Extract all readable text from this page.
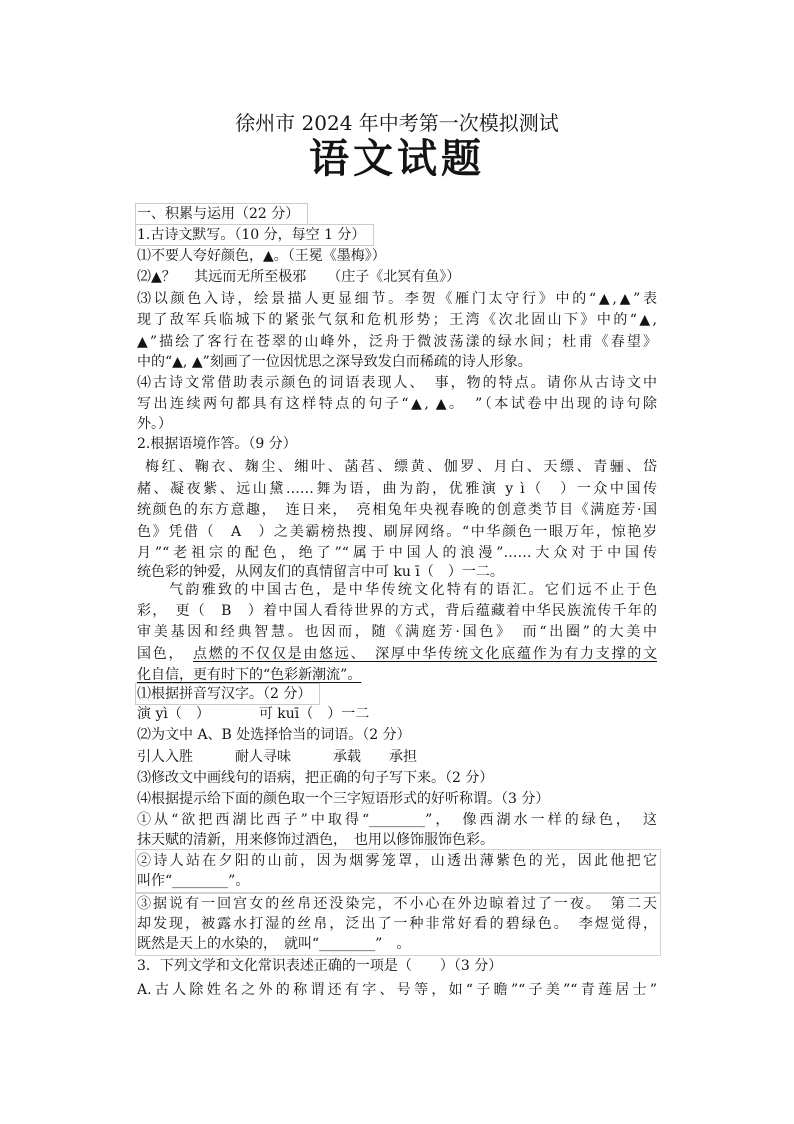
徐州市 2024 年中考第一次模拟测试
语文试题
一、积累与运用（22 分）
1.古诗文默写。（10 分，每空 1 分）
⑴不要人夸好颜色，▲。（王冕《墨梅》）
⑵▲？　 其远而无所至极邪　　（庄子《北冥有鱼》）
⑶以颜色入诗，绘景描人更显细节。李贺《雁门太守行》中的“▲,▲”表
现了敌军兵临城下的紧张气氛和危机形势；王湾《次北固山下》中的“▲,
▲”描绘了客行在苍翠的山峰外，泛舟于微波荡漾的绿水间；杜甫《春望》
中的“▲, ▲”刻画了一位因忧思之深导致发白而稀疏的诗人形象。
⑷古诗文常借助表示颜色的词语表现人、　事，物的特点。请你从古诗文中
写出连续两句都具有这样特点的句子“▲, ▲。　”（本试卷中出现的诗句除
外。）
2.根据语境作答。（9 分）
梅红、鞠衣、麹尘、缃叶、菡萏、缥黄、伽罗、月白、天缥、青骊、岱
赭、凝夜紫、远山黛……舞为语，曲为韵，优雅演 y ì（　）一众中国传
统颜色的东方意趣，　连日来，　亮相兔年央视春晚的创意类节目《满庭芳·国
色》凭借（　A　）之美霸榜热搜、刷屏网络。“中华颜色一眼万年，惊艳岁
月”“老祖宗的配色，绝了”“属于中国人的浪漫”……大众对于中国传
统色彩的钟爱，从网友们的真情留言中可 ku ī（　）一二。
气韵雅致的中国古色，是中华传统文化特有的语汇。它们远不止于色
彩，　更（　B　）着中国人看待世界的方式，背后蕴藏着中华民族流传千年的
审美基因和经典智慧。也因而，随《满庭芳·国色》　而“出圈”的大美中
国色，　点燃的不仅仅是由悠远、　深厚中华传统文化底蕴作为有力支撑的文
化自信，更有时下的“色彩新潮流”。
⑴根据拼音写汉字。（2 分）
演 yì（　）　　　　可 kuī（　）一二
⑵为文中 A、B 处选择恰当的词语。（2 分）
引人入胜　　　耐人寻味　　　承载　　承担
⑶修改文中画线句的语病，把正确的句子写下来。（2 分）
⑷根据提示给下面的颜色取一个三字短语形式的好听称谓。（3 分）
①从“欲把西湖比西子”中取得“________”，　像西湖水一样的绿色，　这
抹天赋的清新，用来修饰过酒色，　也用以修饰服饰色彩。
②诗人站在夕阳的山前，因为烟雾笼罩，山透出薄紫色的光，因此他把它
叫作“________”。
③据说有一回宫女的丝帛还没染完，不小心在外边晾着过了一夜。　第二天
却发现，被露水打湿的丝帛，泛出了一种非常好看的碧绿色。　李煜觉得，
既然是天上的水染的，　就叫“________”　。
3．下列文学和文化常识表述正确的一项是（　　）（3 分）
A.古人除姓名之外的称谓还有字、号等，如“子瞻”“子美”“青莲居士”
